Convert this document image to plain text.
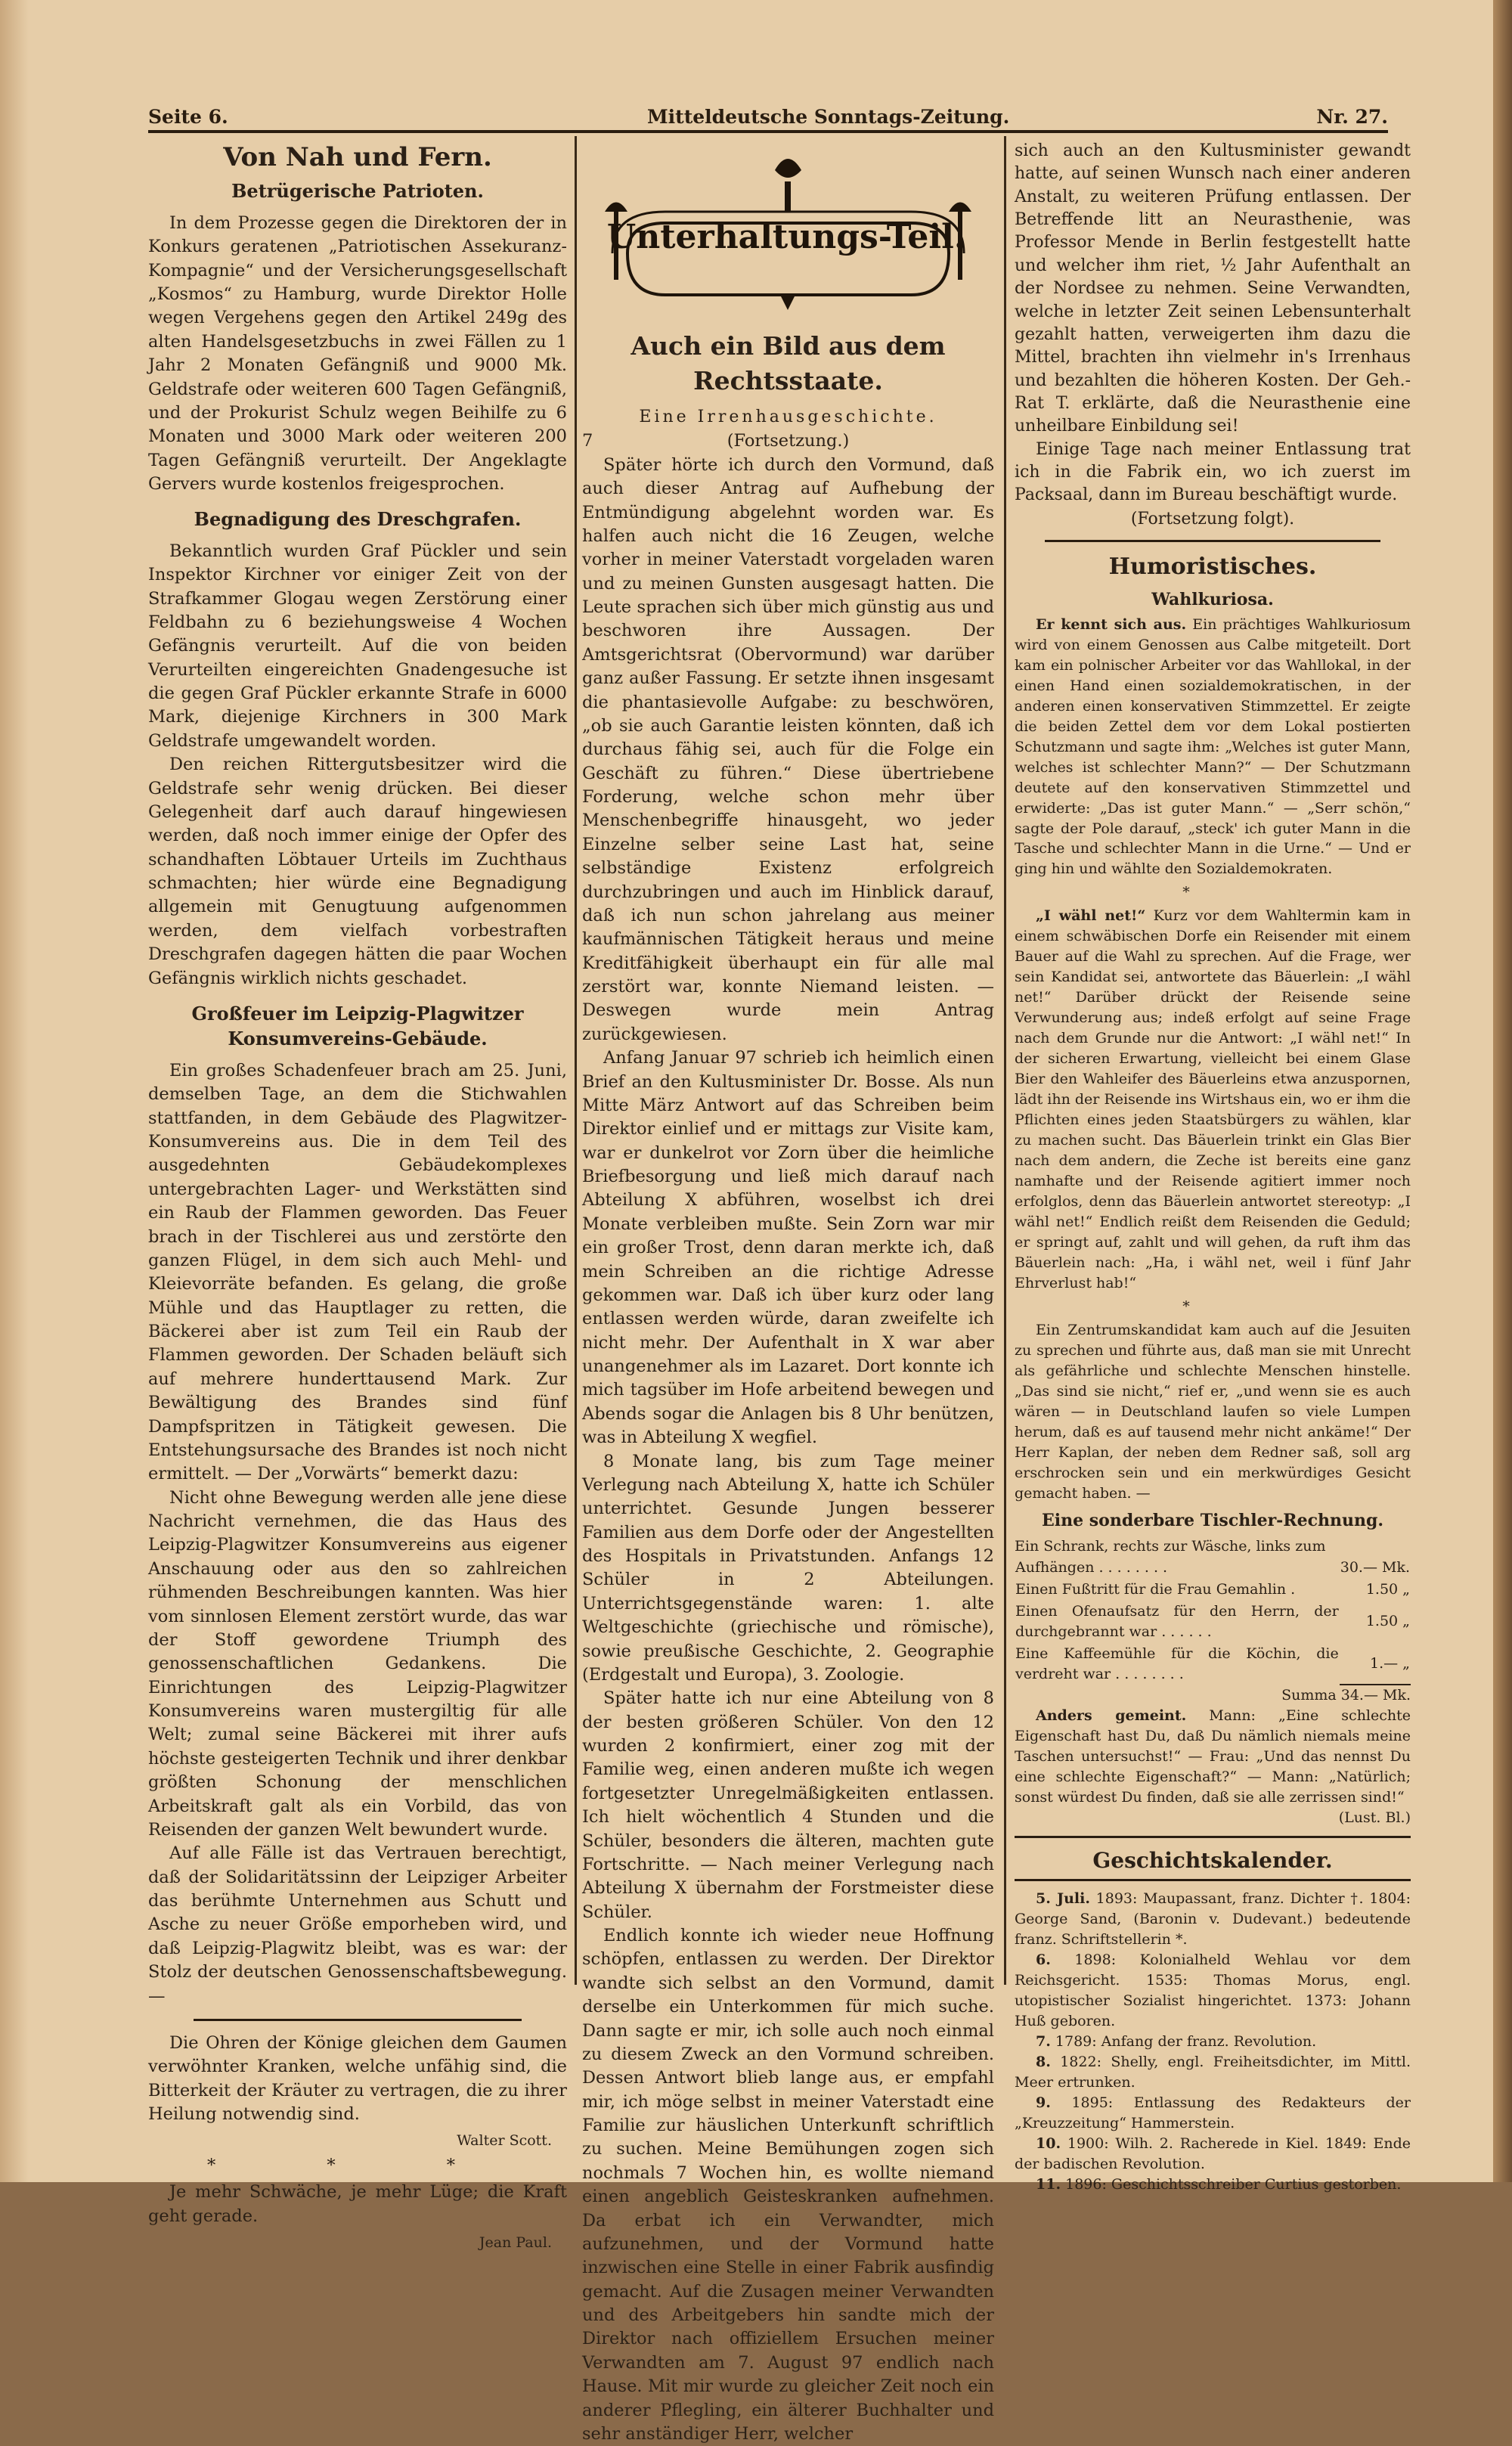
Seite 6.	Mitteldeutsche Sonntags-Zeitung.	Nr. 27.
Von Nah und Fern.
Betrügerische Patrioten.

In dem Prozesse gegen die Direktoren der in Konkurs geratenen „Patriotischen Assekuranz-Kompagnie“ und der Versicherungsgesellschaft „Kosmos“ zu Hamburg, wurde Direktor Holle wegen Vergehens gegen den Artikel 249g des alten Handelsgesetzbuchs in zwei Fällen zu 1 Jahr 2 Monaten Gefängniß und 9000 Mk. Geldstrafe oder weiteren 600 Tagen Gefängniß, und der Prokurist Schulz wegen Beihilfe zu 6 Monaten und 3000 Mark oder weiteren 200 Tagen Gefängniß verurteilt. Der Angeklagte Gervers wurde kostenlos freigesprochen.

Begnadigung des Dreschgrafen.

Bekanntlich wurden Graf Pückler und sein Inspektor Kirchner vor einiger Zeit von der Strafkammer Glogau wegen Zerstörung einer Feldbahn zu 6 beziehungsweise 4 Wochen Gefängnis verurteilt. Auf die von beiden Verurteilten eingereichten Gnadengesuche ist die gegen Graf Pückler erkannte Strafe in 6000 Mark, diejenige Kirchners in 300 Mark Geldstrafe umgewandelt worden.

Den reichen Rittergutsbesitzer wird die Geldstrafe sehr wenig drücken. Bei dieser Gelegenheit darf auch darauf hingewiesen werden, daß noch immer einige der Opfer des schandhaften Löbtauer Urteils im Zuchthaus schmachten; hier würde eine Begnadigung allgemein mit Genugtuung aufgenommen werden, dem vielfach vorbestraften Dreschgrafen dagegen hätten die paar Wochen Gefängnis wirklich nichts geschadet.

Großfeuer im Leipzig-Plagwitzer Konsumvereins-Gebäude.

Ein großes Schadenfeuer brach am 25. Juni, demselben Tage, an dem die Stichwahlen stattfanden, in dem Gebäude des Plagwitzer-Konsumvereins aus. Die in dem Teil des ausgedehnten Gebäudekomplexes untergebrachten Lager- und Werkstätten sind ein Raub der Flammen geworden. Das Feuer brach in der Tischlerei aus und zerstörte den ganzen Flügel, in dem sich auch Mehl- und Kleievorräte befanden. Es gelang, die große Mühle und das Hauptlager zu retten, die Bäckerei aber ist zum Teil ein Raub der Flammen geworden. Der Schaden beläuft sich auf mehrere hunderttausend Mark. Zur Bewältigung des Brandes sind fünf Dampfspritzen in Tätigkeit gewesen. Die Entstehungsursache des Brandes ist noch nicht ermittelt. — Der „Vorwärts“ bemerkt dazu:

Nicht ohne Bewegung werden alle jene diese Nachricht vernehmen, die das Haus des Leipzig-Plagwitzer Konsumvereins aus eigener Anschauung oder aus den so zahlreichen rühmenden Beschreibungen kannten. Was hier vom sinnlosen Element zerstört wurde, das war der Stoff gewordene Triumph des genossenschaftlichen Gedankens. Die Einrichtungen des Leipzig-Plagwitzer Konsumvereins waren mustergiltig für alle Welt; zumal seine Bäckerei mit ihrer aufs höchste gesteigerten Technik und ihrer denkbar größten Schonung der menschlichen Arbeitskraft galt als ein Vorbild, das von Reisenden der ganzen Welt bewundert wurde.

Auf alle Fälle ist das Vertrauen berechtigt, daß der Solidaritätssinn der Leipziger Arbeiter das berühmte Unternehmen aus Schutt und Asche zu neuer Größe emporheben wird, und daß Leipzig-Plagwitz bleibt, was es war: der Stolz der deutschen Genossenschaftsbewegung. —

Die Ohren der Könige gleichen dem Gaumen verwöhnter Kranken, welche unfähig sind, die Bitterkeit der Kräuter zu vertragen, die zu ihrer Heilung notwendig sind.

Walter Scott.
* * *

Je mehr Schwäche, je mehr Lüge; die Kraft geht gerade.

Jean Paul.
Unterhaltungs-Teil.
Auch ein Bild aus dem Rechtsstaate.
Eine Irrenhausgeschichte.
7	(Fortsetzung.)

Später hörte ich durch den Vormund, daß auch dieser Antrag auf Aufhebung der Entmündigung abgelehnt worden war. Es halfen auch nicht die 16 Zeugen, welche vorher in meiner Vaterstadt vorgeladen waren und zu meinen Gunsten ausgesagt hatten. Die Leute sprachen sich über mich günstig aus und beschworen ihre Aussagen. Der Amtsgerichtsrat (Obervormund) war darüber ganz außer Fassung. Er setzte ihnen insgesamt die phantasievolle Aufgabe: zu beschwören, „ob sie auch Garantie leisten könnten, daß ich durchaus fähig sei, auch für die Folge ein Geschäft zu führen.“ Diese übertriebene Forderung, welche schon mehr über Menschenbegriffe hinausgeht, wo jeder Einzelne selber seine Last hat, seine selbständige Existenz erfolgreich durchzubringen und auch im Hinblick darauf, daß ich nun schon jahrelang aus meiner kaufmännischen Tätigkeit heraus und meine Kreditfähigkeit überhaupt ein für alle mal zerstört war, konnte Niemand leisten. — Deswegen wurde mein Antrag zurückgewiesen.

Anfang Januar 97 schrieb ich heimlich einen Brief an den Kultusminister Dr. Bosse. Als nun Mitte März Antwort auf das Schreiben beim Direktor einlief und er mittags zur Visite kam, war er dunkelrot vor Zorn über die heimliche Briefbesorgung und ließ mich darauf nach Abteilung X abführen, woselbst ich drei Monate verbleiben mußte. Sein Zorn war mir ein großer Trost, denn daran merkte ich, daß mein Schreiben an die richtige Adresse gekommen war. Daß ich über kurz oder lang entlassen werden würde, daran zweifelte ich nicht mehr. Der Aufenthalt in X war aber unangenehmer als im Lazaret. Dort konnte ich mich tagsüber im Hofe arbeitend bewegen und Abends sogar die Anlagen bis 8 Uhr benützen, was in Abteilung X wegfiel.

8 Monate lang, bis zum Tage meiner Verlegung nach Abteilung X, hatte ich Schüler unterrichtet. Gesunde Jungen besserer Familien aus dem Dorfe oder der Angestellten des Hospitals in Privatstunden. Anfangs 12 Schüler in 2 Abteilungen. Unterrichtsgegenstände waren: 1. alte Weltgeschichte (griechische und römische), sowie preußische Geschichte, 2. Geographie (Erdgestalt und Europa), 3. Zoologie.

Später hatte ich nur eine Abteilung von 8 der besten größeren Schüler. Von den 12 wurden 2 konfirmiert, einer zog mit der Familie weg, einen anderen mußte ich wegen fortgesetzter Unregelmäßigkeiten entlassen. Ich hielt wöchentlich 4 Stunden und die Schüler, besonders die älteren, machten gute Fortschritte. — Nach meiner Verlegung nach Abteilung X übernahm der Forstmeister diese Schüler.

Endlich konnte ich wieder neue Hoffnung schöpfen, entlassen zu werden. Der Direktor wandte sich selbst an den Vormund, damit derselbe ein Unterkommen für mich suche. Dann sagte er mir, ich solle auch noch einmal zu diesem Zweck an den Vormund schreiben. Dessen Antwort blieb lange aus, er empfahl mir, ich möge selbst in meiner Vaterstadt eine Familie zur häuslichen Unterkunft schriftlich zu suchen. Meine Bemühungen zogen sich nochmals 7 Wochen hin, es wollte niemand einen angeblich Geisteskranken aufnehmen. Da erbat ich ein Verwandter, mich aufzunehmen, und der Vormund hatte inzwischen eine Stelle in einer Fabrik ausfindig gemacht. Auf die Zusagen meiner Verwandten und des Arbeitgebers hin sandte mich der Direktor nach offiziellem Ersuchen meiner Verwandten am 7. August 97 endlich nach Hause. Mit mir wurde zu gleicher Zeit noch ein anderer Pflegling, ein älterer Buchhalter und sehr anständiger Herr, welcher

sich auch an den Kultusminister gewandt hatte, auf seinen Wunsch nach einer anderen Anstalt, zu weiteren Prüfung entlassen. Der Betreffende litt an Neurasthenie, was Professor Mende in Berlin festgestellt hatte und welcher ihm riet, ½ Jahr Aufenthalt an der Nordsee zu nehmen. Seine Verwandten, welche in letzter Zeit seinen Lebensunterhalt gezahlt hatten, verweigerten ihm dazu die Mittel, brachten ihn vielmehr in's Irrenhaus und bezahlten die höheren Kosten. Der Geh.-Rat T. erklärte, daß die Neurasthenie eine unheilbare Einbildung sei!

Einige Tage nach meiner Entlassung trat ich in die Fabrik ein, wo ich zuerst im Packsaal, dann im Bureau beschäftigt wurde.

(Fortsetzung folgt).

Humoristisches.
Wahlkuriosa.

Er kennt sich aus. Ein prächtiges Wahlkuriosum wird von einem Genossen aus Calbe mitgeteilt. Dort kam ein polnischer Arbeiter vor das Wahllokal, in der einen Hand einen sozialdemokratischen, in der anderen einen konservativen Stimmzettel. Er zeigte die beiden Zettel dem vor dem Lokal postierten Schutzmann und sagte ihm: „Welches ist guter Mann, welches ist schlechter Mann?“ — Der Schutzmann deutete auf den konservativen Stimmzettel und erwiderte: „Das ist guter Mann.“ — „Serr schön,“ sagte der Pole darauf, „steck' ich guter Mann in die Tasche und schlechter Mann in die Urne.“ — Und er ging hin und wählte den Sozialdemokraten.

*

„I wähl net!“ Kurz vor dem Wahltermin kam in einem schwäbischen Dorfe ein Reisender mit einem Bauer auf die Wahl zu sprechen. Auf die Frage, wer sein Kandidat sei, antwortete das Bäuerlein: „I wähl net!“ Darüber drückt der Reisende seine Verwunderung aus; indeß erfolgt auf seine Frage nach dem Grunde nur die Antwort: „I wähl net!“ In der sicheren Erwartung, vielleicht bei einem Glase Bier den Wahleifer des Bäuerleins etwa anzuspornen, lädt ihn der Reisende ins Wirtshaus ein, wo er ihm die Pflichten eines jeden Staatsbürgers zu wählen, klar zu machen sucht. Das Bäuerlein trinkt ein Glas Bier nach dem andern, die Zeche ist bereits eine ganz namhafte und der Reisende agitiert immer noch erfolglos, denn das Bäuerlein antwortet stereotyp: „I wähl net!“ Endlich reißt dem Reisenden die Geduld; er springt auf, zahlt und will gehen, da ruft ihm das Bäuerlein nach: „Ha, i wähl net, weil i fünf Jahr Ehrverlust hab!“

*

Ein Zentrumskandidat kam auch auf die Jesuiten zu sprechen und führte aus, daß man sie mit Unrecht als gefährliche und schlechte Menschen hinstelle. „Das sind sie nicht,“ rief er, „und wenn sie es auch wären — in Deutschland laufen so viele Lumpen herum, daß es auf tausend mehr nicht ankäme!“ Der Herr Kaplan, der neben dem Redner saß, soll arg erschrocken sein und ein merkwürdiges Gesicht gemacht haben. —

Eine sonderbare Tischler-Rechnung.
Ein Schrank, rechts zur Wäsche, links zum
Aufhängen . . . . . . . .	30.— Mk.
Einen Fußtritt für die Frau Gemahlin .	1.50 „
Einen Ofenaufsatz für den Herrn, der durchgebrannt war . . . . . .	1.50 „
Eine Kaffeemühle für die Köchin, die verdreht war . . . . . . . .	1.— „
Summa 34.— Mk.

Anders gemeint. Mann: „Eine schlechte Eigenschaft hast Du, daß Du nämlich niemals meine Taschen untersuchst!“ — Frau: „Und das nennst Du eine schlechte Eigenschaft?“ — Mann: „Natürlich; sonst würdest Du finden, daß sie alle zerrissen sind!“

(Lust. Bl.)
Geschichtskalender.

5. Juli. 1893: Maupassant, franz. Dichter †. 1804: George Sand, (Baronin v. Dudevant.) bedeutende franz. Schriftstellerin *.

6. 1898: Kolonialheld Wehlau vor dem Reichsgericht. 1535: Thomas Morus, engl. utopistischer Sozialist hingerichtet. 1373: Johann Huß geboren.

7. 1789: Anfang der franz. Revolution.

8. 1822: Shelly, engl. Freiheitsdichter, im Mittl. Meer ertrunken.

9. 1895: Entlassung des Redakteurs der „Kreuzzeitung“ Hammerstein.

10. 1900: Wilh. 2. Racherede in Kiel. 1849: Ende der badischen Revolution.

11. 1896: Geschichtsschreiber Curtius gestorben.
